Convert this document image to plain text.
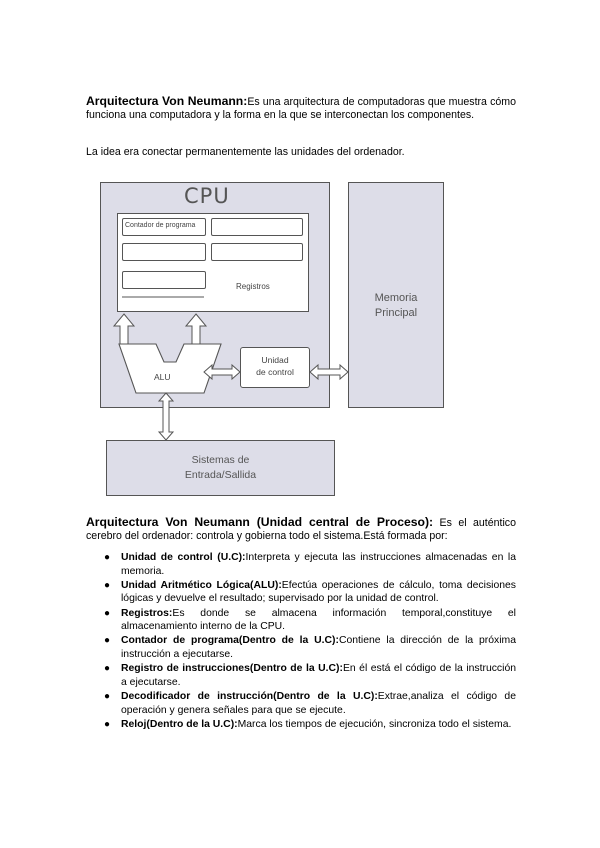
Arquitectura Von Neumann:Es una arquitectura de computadoras que muestra cómo funciona una computadora y la forma en la que se interconectan los componentes.
La idea era conectar permanentemente las unidades del ordenador.
CPU
Contador de programa
Registros
ALU
Unidad
de control
Memoria
Principal
Sistemas de
Entrada/Sallida
Arquitectura Von Neumann (Unidad central de Proceso): Es el auténtico cerebro del ordenador: controla y gobierna todo el sistema.Está formada por:
● Unidad de control (U.C):Interpreta y ejecuta las instrucciones almacenadas en la memoria.
● Unidad Aritmético Lógica(ALU):Efectúa operaciones de cálculo, toma decisiones lógicas y devuelve el resultado; supervisado por la unidad de control.
● Registros:Es donde se almacena información temporal,constituye el almacenamiento interno de la CPU.
● Contador de programa(Dentro de la U.C):Contiene la dirección de la próxima instrucción a ejecutarse.
● Registro de instrucciones(Dentro de la U.C):En él está el código de la instrucción a ejecutarse.
● Decodificador de instrucción(Dentro de la U.C):Extrae,analiza el código de operación y genera señales para que se ejecute.
● Reloj(Dentro de la U.C):Marca los tiempos de ejecución, sincroniza todo el sistema.
